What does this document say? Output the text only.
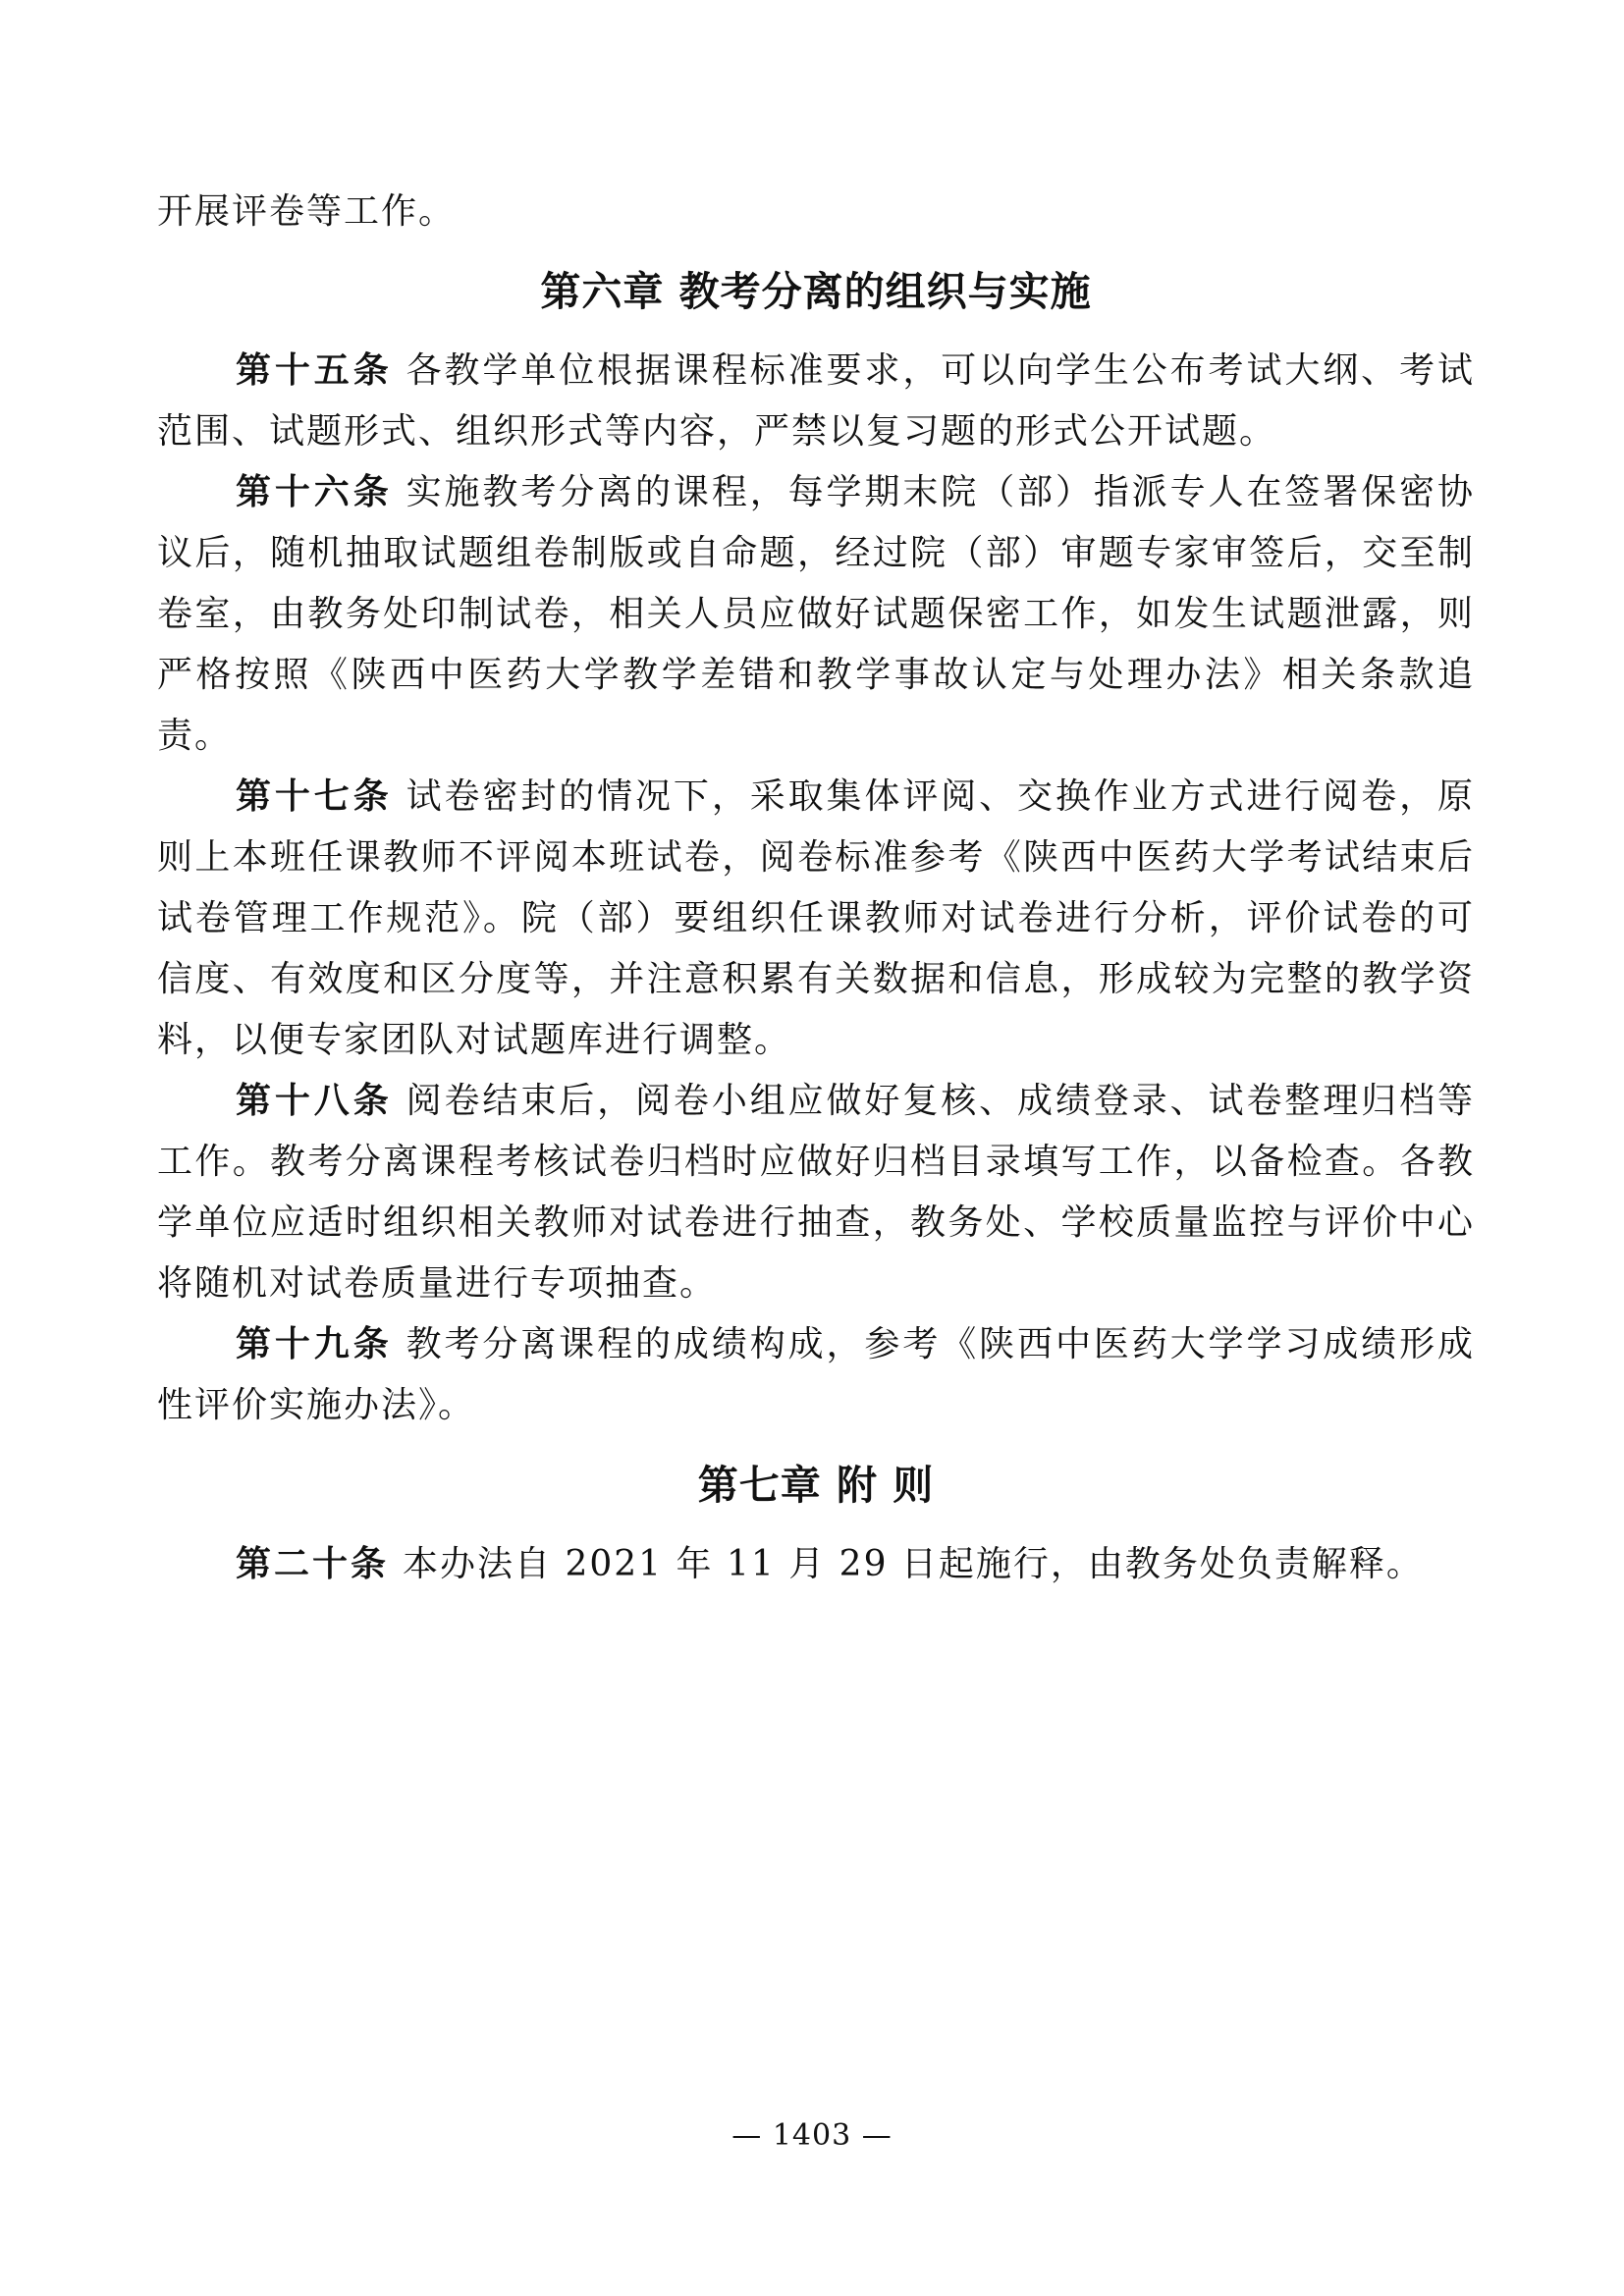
开展评卷等工作。

第六章 教考分离的组织与实施

第十五条 各教学单位根据课程标准要求，可以向学生公布考试大纲、考试范围、试题形式、组织形式等内容，严禁以复习题的形式公开试题。

第十六条 实施教考分离的课程，每学期末院（部）指派专人在签署保密协议后，随机抽取试题组卷制版或自命题，经过院（部）审题专家审签后，交至制卷室，由教务处印制试卷，相关人员应做好试题保密工作，如发生试题泄露，则严格按照《陕西中医药大学教学差错和教学事故认定与处理办法》相关条款追责。

第十七条 试卷密封的情况下，采取集体评阅、交换作业方式进行阅卷，原则上本班任课教师不评阅本班试卷，阅卷标准参考《陕西中医药大学考试结束后试卷管理工作规范》。院（部）要组织任课教师对试卷进行分析，评价试卷的可信度、有效度和区分度等，并注意积累有关数据和信息，形成较为完整的教学资料，以便专家团队对试题库进行调整。

第十八条 阅卷结束后，阅卷小组应做好复核、成绩登录、试卷整理归档等工作。教考分离课程考核试卷归档时应做好归档目录填写工作，以备检查。各教学单位应适时组织相关教师对试卷进行抽查，教务处、学校质量监控与评价中心将随机对试卷质量进行专项抽查。

第十九条 教考分离课程的成绩构成，参考《陕西中医药大学学习成绩形成性评价实施办法》。

第七章 附 则

第二十条 本办法自 2021 年 11 月 29 日起施行，由教务处负责解释。

— 1403 —
